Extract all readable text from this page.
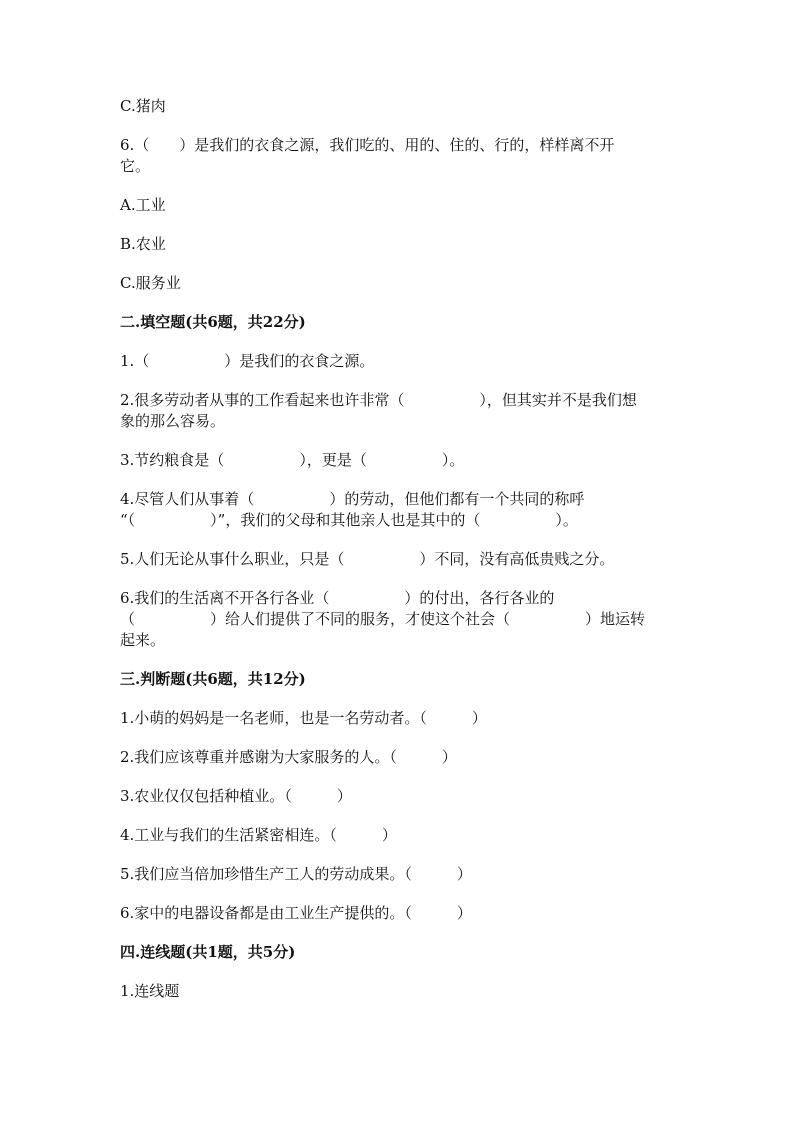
C.猪肉
6.（　　）是我们的衣食之源，我们吃的、用的、住的、行的，样样离不开
它。
A.工业
B.农业
C.服务业
二.填空题(共6题，共22分)
1.（　　　　　）是我们的衣食之源。
2.很多劳动者从事的工作看起来也许非常（　　　　　），但其实并不是我们想
象的那么容易。
3.节约粮食是（　　　　　），更是（　　　　　）。
4.尽管人们从事着（　　　　　）的劳动，但他们都有一个共同的称呼
“（　　　　　）”，我们的父母和其他亲人也是其中的（　　　　　）。
5.人们无论从事什么职业，只是（　　　　　）不同，没有高低贵贱之分。
6.我们的生活离不开各行各业（　　　　　）的付出，各行各业的
（　　　　　）给人们提供了不同的服务，才使这个社会（　　　　　）地运转
起来。
三.判断题(共6题，共12分)
1.小萌的妈妈是一名老师，也是一名劳动者。（　　　）
2.我们应该尊重并感谢为大家服务的人。（　　　）
3.农业仅仅包括种植业。（　　　）
4.工业与我们的生活紧密相连。（　　　）
5.我们应当倍加珍惜生产工人的劳动成果。（　　　）
6.家中的电器设备都是由工业生产提供的。（　　　）
四.连线题(共1题，共5分)
1.连线题
